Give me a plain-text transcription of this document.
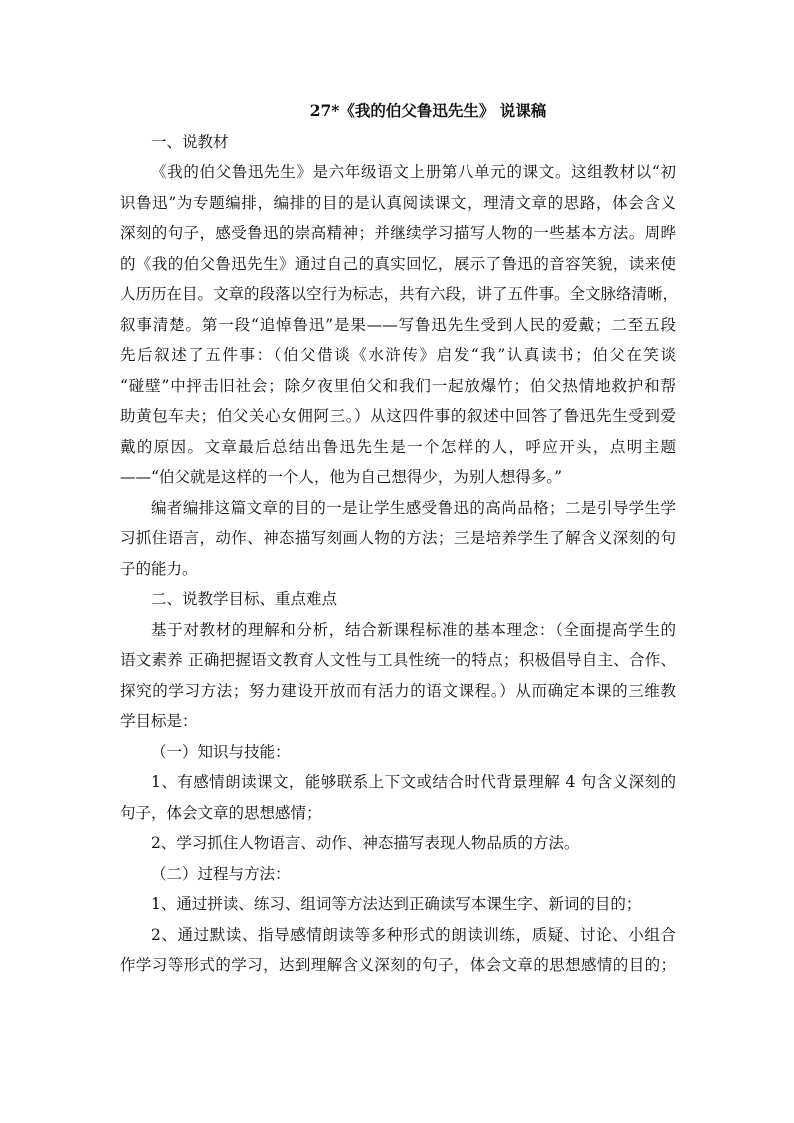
27*《我的伯父鲁迅先生》 说课稿

一、说教材

《我的伯父鲁迅先生》是六年级语文上册第八单元的课文。这组教材以“初

识鲁迅”为专题编排，编排的目的是认真阅读课文，理清文章的思路，体会含义

深刻的句子，感受鲁迅的崇高精神；并继续学习描写人物的一些基本方法。周晔

的《我的伯父鲁迅先生》通过自己的真实回忆，展示了鲁迅的音容笑貌，读来使

人历历在目。文章的段落以空行为标志，共有六段，讲了五件事。全文脉络清晰，

叙事清楚。第一段“追悼鲁迅”是果——写鲁迅先生受到人民的爱戴；二至五段

先后叙述了五件事：（伯父借谈《水浒传》启发“我”认真读书；伯父在笑谈

“碰壁”中抨击旧社会；除夕夜里伯父和我们一起放爆竹；伯父热情地救护和帮

助黄包车夫；伯父关心女佣阿三。）从这四件事的叙述中回答了鲁迅先生受到爱

戴的原因。文章最后总结出鲁迅先生是一个怎样的人，呼应开头，点明主题

——“伯父就是这样的一个人，他为自己想得少，为别人想得多。”

编者编排这篇文章的目的一是让学生感受鲁迅的高尚品格；二是引导学生学

习抓住语言，动作、神态描写刻画人物的方法；三是培养学生了解含义深刻的句

子的能力。

二、说教学目标、重点难点

基于对教材的理解和分析，结合新课程标准的基本理念：（全面提高学生的

语文素养 正确把握语文教育人文性与工具性统一的特点；积极倡导自主、合作、

探究的学习方法；努力建设开放而有活力的语文课程。）从而确定本课的三维教

学目标是：

（一）知识与技能：

1、有感情朗读课文，能够联系上下文或结合时代背景理解 4 句含义深刻的

句子，体会文章的思想感情；

2、学习抓住人物语言、动作、神态描写表现人物品质的方法。

（二）过程与方法：

1、通过拼读、练习、组词等方法达到正确读写本课生字、新词的目的；

2、通过默读、指导感情朗读等多种形式的朗读训练，质疑、讨论、小组合

作学习等形式的学习，达到理解含义深刻的句子，体会文章的思想感情的目的；
